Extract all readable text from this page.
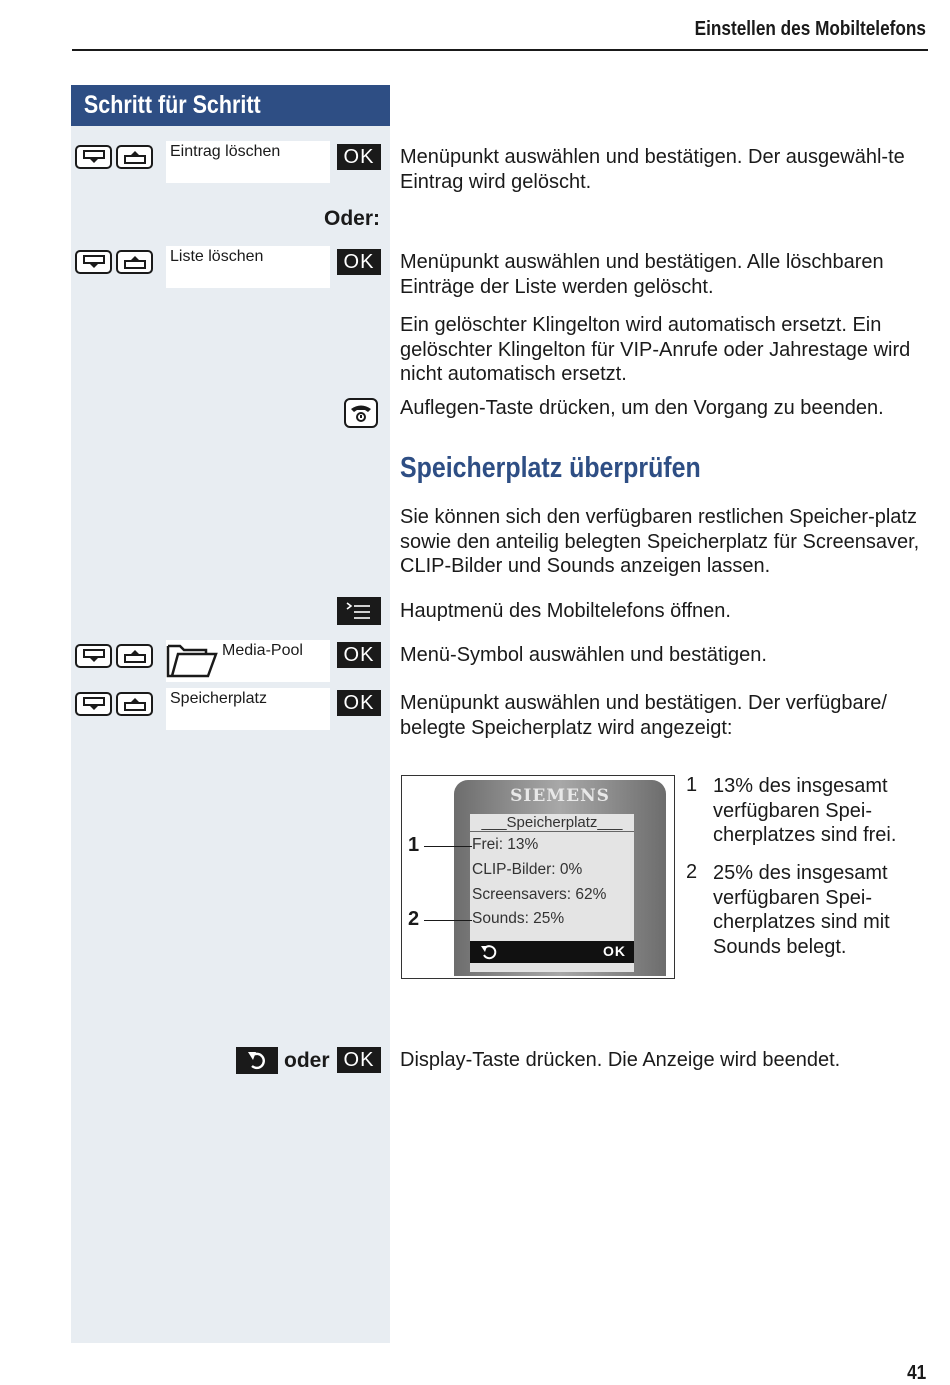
Einstellen des Mobiltelefons
Schritt für Schritt
Eintrag löschen	OK	Menüpunkt auswählen und bestätigen. Der ausgewähl-te Eintrag wird gelöscht.
Oder:
Liste löschen	OK	Menüpunkt auswählen und bestätigen. Alle löschbaren Einträge der Liste werden gelöscht.
Ein gelöschter Klingelton wird automatisch ersetzt. Ein gelöschter Klingelton für VIP-Anrufe oder Jahrestage wird nicht automatisch ersetzt.
Auflegen-Taste drücken, um den Vorgang zu beenden.
Speicherplatz überprüfen
Sie können sich den verfügbaren restlichen Speicher-platz sowie den anteilig belegten Speicherplatz für Screensaver, CLIP-Bilder und Sounds anzeigen lassen.
Hauptmenü des Mobiltelefons öffnen.
Media-Pool	OK	Menü-Symbol auswählen und bestätigen.
Speicherplatz	OK	Menüpunkt auswählen und bestätigen. Der verfügbare/ belegte Speicherplatz wird angezeigt:
SIEMENS
___Speicherplatz___
Frei: 13%
CLIP-Bilder: 0%
Screensavers: 62%
Sounds: 25%
OK
1
2
1 13% des insgesamt verfügbaren Spei-cherplatzes sind frei.
2 25% des insgesamt verfügbaren Spei-cherplatzes sind mit Sounds belegt.
oder OK	Display-Taste drücken. Die Anzeige wird beendet.
41
